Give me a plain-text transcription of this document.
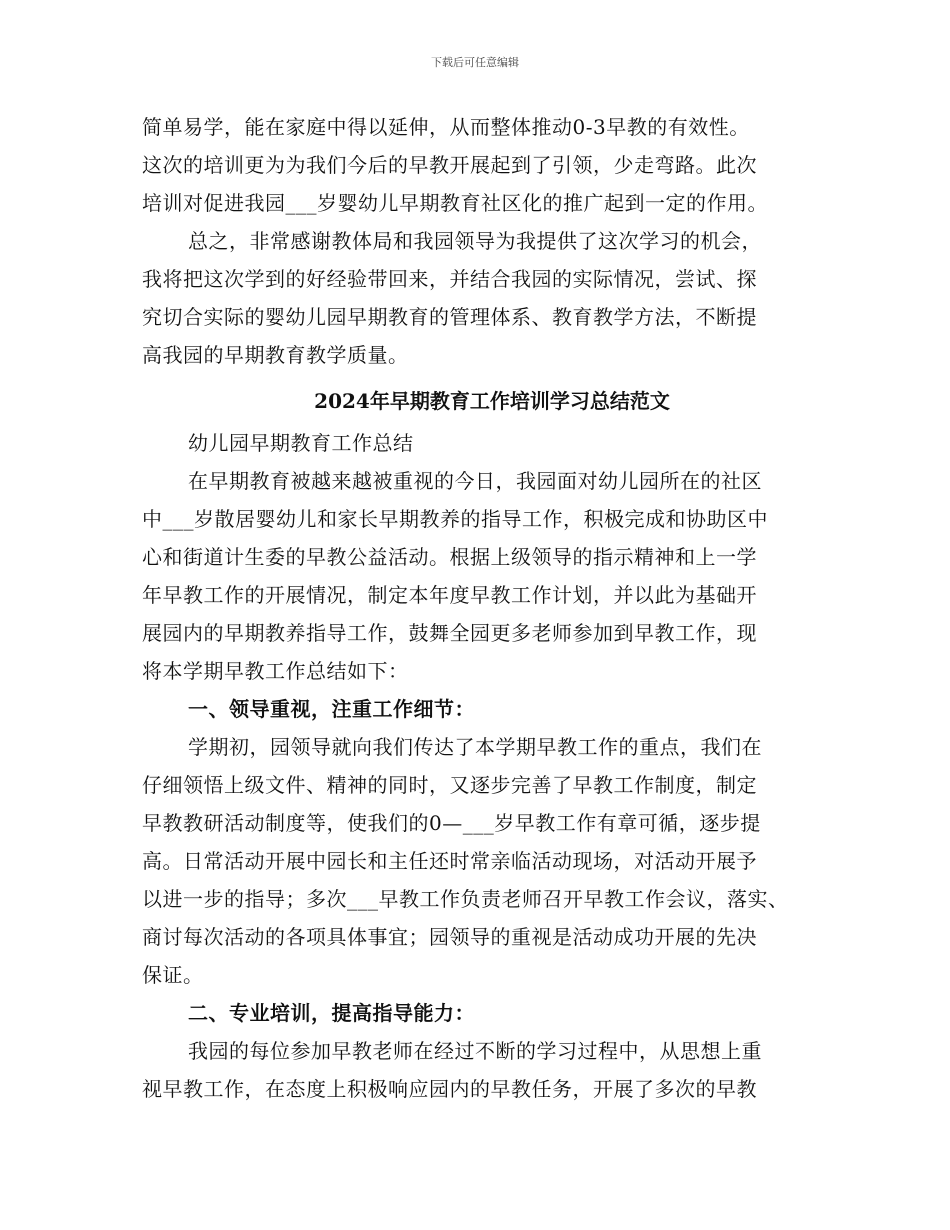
下载后可任意编辑
简单易学，能在家庭中得以延伸，从而整体推动0-3早教的有效性。
这次的培训更为为我们今后的早教开展起到了引领，少走弯路。此次
培训对促进我园___岁婴幼儿早期教育社区化的推广起到一定的作用。
总之，非常感谢教体局和我园领导为我提供了这次学习的机会，
我将把这次学到的好经验带回来，并结合我园的实际情况，尝试、探
究切合实际的婴幼儿园早期教育的管理体系、教育教学方法，不断提
高我园的早期教育教学质量。
2024年早期教育工作培训学习总结范文
幼儿园早期教育工作总结
在早期教育被越来越被重视的今日，我园面对幼儿园所在的社区
中___岁散居婴幼儿和家长早期教养的指导工作，积极完成和协助区中
心和街道计生委的早教公益活动。根据上级领导的指示精神和上一学
年早教工作的开展情况，制定本年度早教工作计划，并以此为基础开
展园内的早期教养指导工作，鼓舞全园更多老师参加到早教工作，现
将本学期早教工作总结如下：
一、领导重视，注重工作细节：
学期初，园领导就向我们传达了本学期早教工作的重点，我们在
仔细领悟上级文件、精神的同时，又逐步完善了早教工作制度，制定
早教教研活动制度等，使我们的0—___岁早教工作有章可循，逐步提
高。日常活动开展中园长和主任还时常亲临活动现场，对活动开展予
以进一步的指导；多次___早教工作负责老师召开早教工作会议，落实、
商讨每次活动的各项具体事宜；园领导的重视是活动成功开展的先决
保证。
二、专业培训，提高指导能力：
我园的每位参加早教老师在经过不断的学习过程中，从思想上重
视早教工作，在态度上积极响应园内的早教任务，开展了多次的早教
